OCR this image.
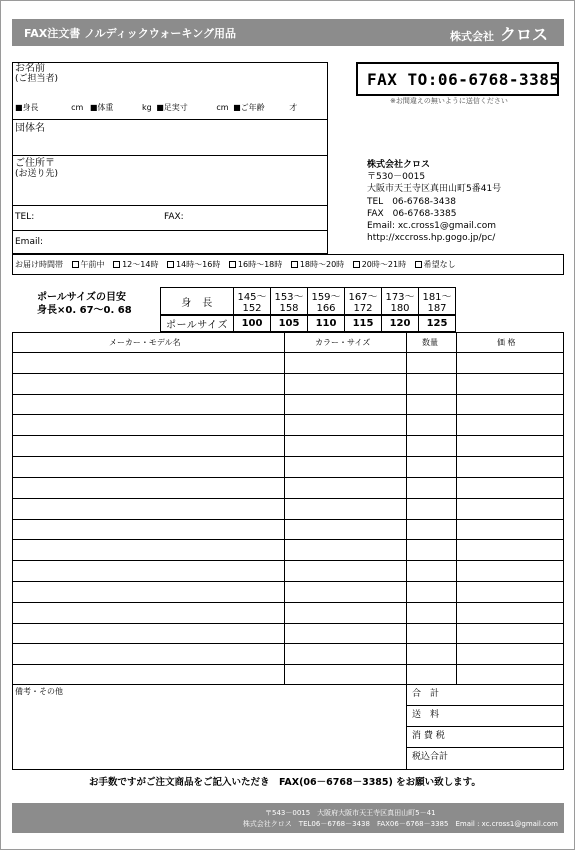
FAX注文書 ノルディックウォーキング用品	株式会社 クロス
お名前
(ご担当者)
■身長	cm ■体重	kg ■足実寸	cm ■ご年齢	才
団体名
ご住所〒
(お送り先)
TEL:	FAX:
Email:
FAX TO:06-6768-3385
※お間違えの無いように送信ください
株式会社クロス
〒530－0015
大阪市天王寺区真田山町5番41号
TEL　06-6768-3438
FAX　06-6768-3385
Email: xc.cross1@gmail.com
http://xccross.hp.gogo.jp/pc/
お届け時間帯 午前中 12～14時 14時～16時 16時～18時 18時～20時 20時～21時 希望なし
ポールサイズの目安
身長×0. 67～0. 68
身　長	145～152	153～158	159～166	167～172	173～180	181～187
ポールサイズ	100	105	110	115	120	125
メーカー・モデル名	カラー・サイズ	数量	価 格
備考・その他	合　計
送　料
消 費 税
税込合計
お手数ですがご注文商品をご記入いただき　FAX(06－6768－3385) をお願い致します。
〒543－0015　大阪府大阪市天王寺区真田山町5－41
株式会社クロス　TEL06－6768－3438　FAX06－6768－3385　Email : xc.cross1@gmail.com
